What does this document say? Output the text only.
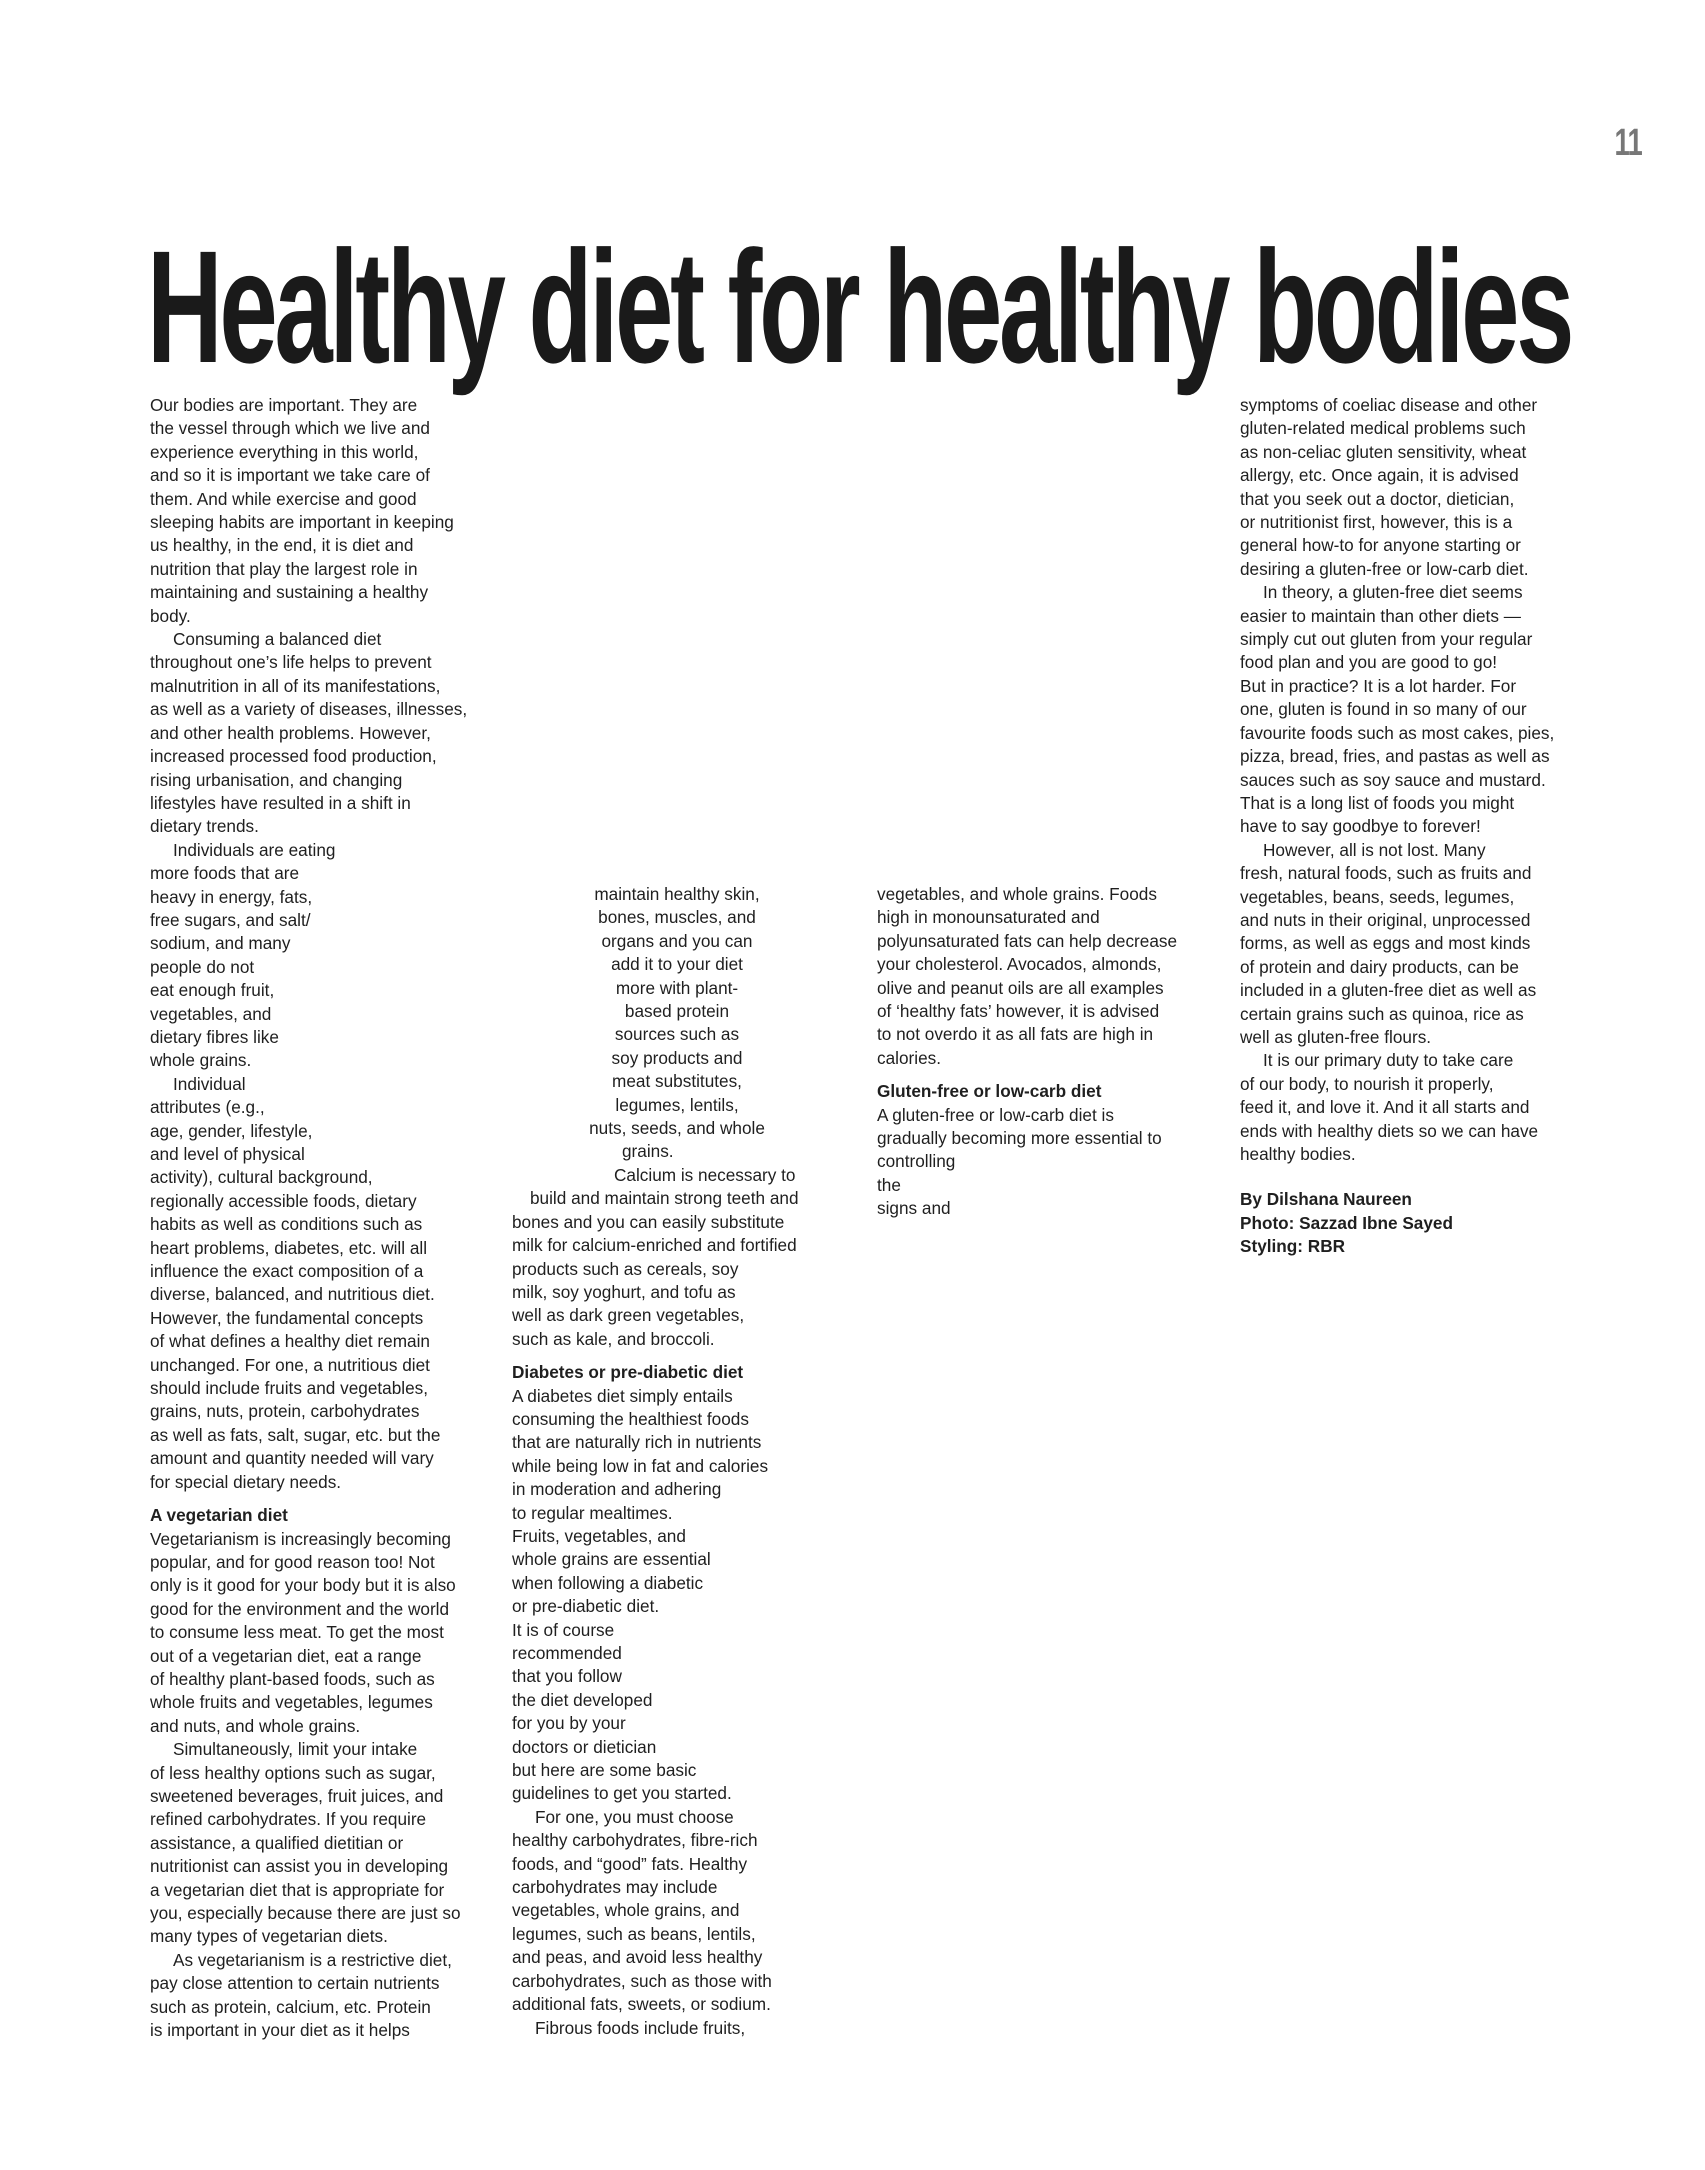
11
Healthy diet for healthy bodies
Our bodies are important. They are
the vessel through which we live and
experience everything in this world,
and so it is important we take care of
them. And while exercise and good
sleeping habits are important in keeping
us healthy, in the end, it is diet and
nutrition that play the largest role in
maintaining and sustaining a healthy
body.
Consuming a balanced diet
throughout one’s life helps to prevent
malnutrition in all of its manifestations,
as well as a variety of diseases, illnesses,
and other health problems. However,
increased processed food production,
rising urbanisation, and changing
lifestyles have resulted in a shift in
dietary trends.
Individuals are eating
more foods that are
heavy in energy, fats,
free sugars, and salt/
sodium, and many
people do not
eat enough fruit,
vegetables, and
dietary fibres like
whole grains.
Individual
attributes (e.g.,
age, gender, lifestyle,
and level of physical
activity), cultural background,
regionally accessible foods, dietary
habits as well as conditions such as
heart problems, diabetes, etc. will all
influence the exact composition of a
diverse, balanced, and nutritious diet.
However, the fundamental concepts
of what defines a healthy diet remain
unchanged. For one, a nutritious diet
should include fruits and vegetables,
grains, nuts, protein, carbohydrates
as well as fats, salt, sugar, etc. but the
amount and quantity needed will vary
for special dietary needs.
A vegetarian diet
Vegetarianism is increasingly becoming
popular, and for good reason too! Not
only is it good for your body but it is also
good for the environment and the world
to consume less meat. To get the most
out of a vegetarian diet, eat a range
of healthy plant-based foods, such as
whole fruits and vegetables, legumes
and nuts, and whole grains.
Simultaneously, limit your intake
of less healthy options such as sugar,
sweetened beverages, fruit juices, and
refined carbohydrates. If you require
assistance, a qualified dietitian or
nutritionist can assist you in developing
a vegetarian diet that is appropriate for
you, especially because there are just so
many types of vegetarian diets.
As vegetarianism is a restrictive diet,
pay close attention to certain nutrients
such as protein, calcium, etc. Protein
is important in your diet as it helps
maintain healthy skin,
bones, muscles, and
organs and you can
add it to your diet
more with plant-
based protein
sources such as
soy products and
meat substitutes,
legumes, lentils,
nuts, seeds, and whole
grains.
Calcium is necessary to
build and maintain strong teeth and
bones and you can easily substitute
milk for calcium-enriched and fortified
products such as cereals, soy
milk, soy yoghurt, and tofu as
well as dark green vegetables,
such as kale, and broccoli.
Diabetes or pre-diabetic diet
A diabetes diet simply entails
consuming the healthiest foods
that are naturally rich in nutrients
while being low in fat and calories
in moderation and adhering
to regular mealtimes.
Fruits, vegetables, and
whole grains are essential
when following a diabetic
or pre-diabetic diet.
It is of course
recommended
that you follow
the diet developed
for you by your
doctors or dietician
but here are some basic
guidelines to get you started.
For one, you must choose
healthy carbohydrates, fibre-rich
foods, and “good” fats. Healthy
carbohydrates may include
vegetables, whole grains, and
legumes, such as beans, lentils,
and peas, and avoid less healthy
carbohydrates, such as those with
additional fats, sweets, or sodium.
Fibrous foods include fruits,
vegetables, and whole grains. Foods
high in monounsaturated and
polyunsaturated fats can help decrease
your cholesterol. Avocados, almonds,
olive and peanut oils are all examples
of ‘healthy fats’ however, it is advised
to not overdo it as all fats are high in
calories.
Gluten-free or low-carb diet
A gluten-free or low-carb diet is
gradually becoming more essential to
controlling
the
signs and
symptoms of coeliac disease and other
gluten-related medical problems such
as non-celiac gluten sensitivity, wheat
allergy, etc. Once again, it is advised
that you seek out a doctor, dietician,
or nutritionist first, however, this is a
general how-to for anyone starting or
desiring a gluten-free or low-carb diet.
In theory, a gluten-free diet seems
easier to maintain than other diets —
simply cut out gluten from your regular
food plan and you are good to go!
But in practice? It is a lot harder. For
one, gluten is found in so many of our
favourite foods such as most cakes, pies,
pizza, bread, fries, and pastas as well as
sauces such as soy sauce and mustard.
That is a long list of foods you might
have to say goodbye to forever!
However, all is not lost. Many
fresh, natural foods, such as fruits and
vegetables, beans, seeds, legumes,
and nuts in their original, unprocessed
forms, as well as eggs and most kinds
of protein and dairy products, can be
included in a gluten-free diet as well as
certain grains such as quinoa, rice as
well as gluten-free flours.
It is our primary duty to take care
of our body, to nourish it properly,
feed it, and love it. And it all starts and
ends with healthy diets so we can have
healthy bodies.
By Dilshana Naureen
Photo: Sazzad Ibne Sayed
Styling: RBR
